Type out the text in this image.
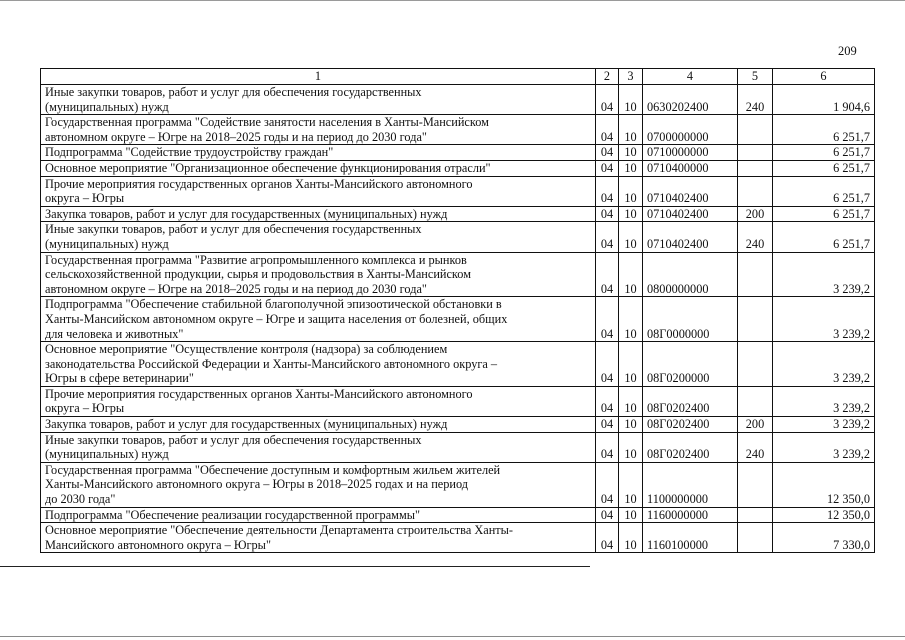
209
1	2	3	4	5	6
Иные закупки товаров, работ и услуг для обеспечения государственных
(муниципальных) нужд	04	10	0630202400	240	1 904,6
Государственная программа "Содействие занятости населения в Ханты-Мансийском
автономном округе – Югре на 2018–2025 годы и на период до 2030 года"	04	10	0700000000		6 251,7
Подпрограмма "Содействие трудоустройству граждан"	04	10	0710000000		6 251,7
Основное мероприятие "Организационное обеспечение функционирования отрасли"	04	10	0710400000		6 251,7
Прочие мероприятия государственных органов Ханты-Мансийского автономного
округа – Югры	04	10	0710402400		6 251,7
Закупка товаров, работ и услуг для государственных (муниципальных) нужд	04	10	0710402400	200	6 251,7
Иные закупки товаров, работ и услуг для обеспечения государственных
(муниципальных) нужд	04	10	0710402400	240	6 251,7
Государственная программа "Развитие агропромышленного комплекса и рынков
сельскохозяйственной продукции, сырья и продовольствия в Ханты-Мансийском
автономном округе – Югре на 2018–2025 годы и на период до 2030 года"	04	10	0800000000		3 239,2
Подпрограмма "Обеспечение стабильной благополучной эпизоотической обстановки в
Ханты-Мансийском автономном округе – Югре и защита населения от болезней, общих
для человека и животных"	04	10	08Г0000000		3 239,2
Основное мероприятие "Осуществление контроля (надзора) за соблюдением
законодательства Российской Федерации и Ханты-Мансийского автономного округа –
Югры в сфере ветеринарии"	04	10	08Г0200000		3 239,2
Прочие мероприятия государственных органов Ханты-Мансийского автономного
округа – Югры	04	10	08Г0202400		3 239,2
Закупка товаров, работ и услуг для государственных (муниципальных) нужд	04	10	08Г0202400	200	3 239,2
Иные закупки товаров, работ и услуг для обеспечения государственных
(муниципальных) нужд	04	10	08Г0202400	240	3 239,2
Государственная программа "Обеспечение доступным и комфортным жильем жителей
Ханты-Мансийского автономного округа – Югры в 2018–2025 годах и на период
до 2030 года"	04	10	1100000000		12 350,0
Подпрограмма "Обеспечение реализации государственной программы"	04	10	1160000000		12 350,0
Основное мероприятие "Обеспечение деятельности Департамента строительства Ханты-
Мансийского автономного округа – Югры"	04	10	1160100000		7 330,0
